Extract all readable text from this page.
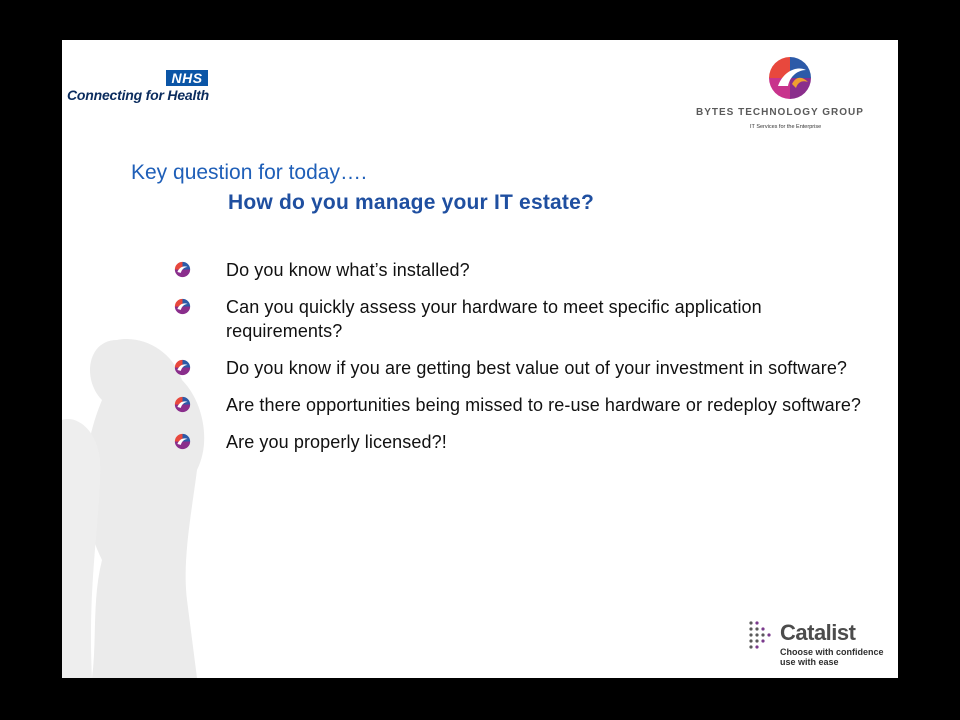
NHS
Connecting for Health
BYTES TECHNOLOGY GROUP
IT Services for the Enterprise
Key question for today….
How do you manage your IT estate?
Do you know what’s installed?
Can you quickly assess your hardware to meet specific application requirements?
Do you know if you are getting best value out of your investment in software?
Are there opportunities being missed to re-use hardware or redeploy software?
Are you properly licensed?!
Catalist
Choose with confidence
use with ease
